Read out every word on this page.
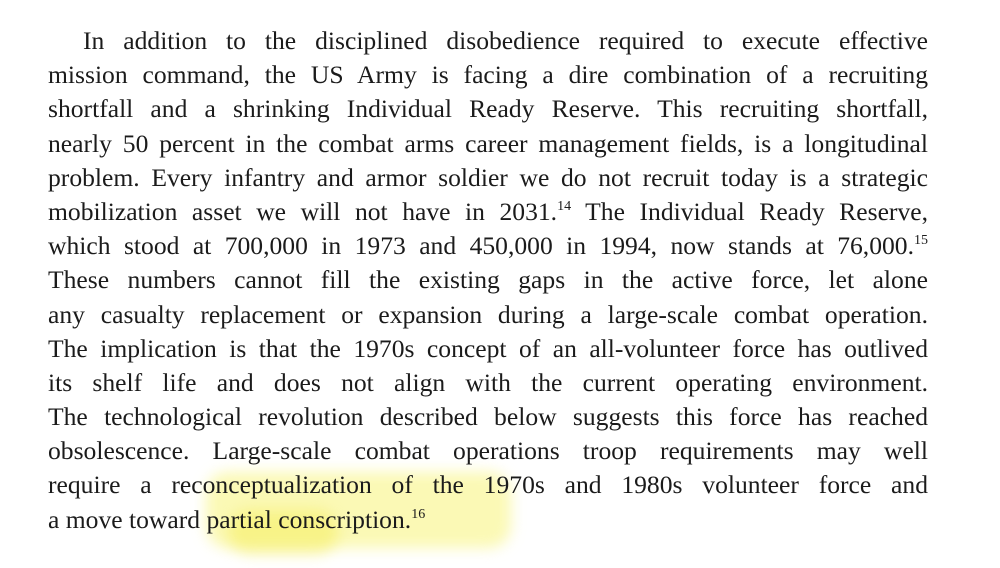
In addition to the disciplined disobedience required to execute effective
mission command, the US Army is facing a dire combination of a recruiting
shortfall and a shrinking Individual Ready Reserve. This recruiting shortfall,
nearly 50 percent in the combat arms career management fields, is a longitudinal
problem. Every infantry and armor soldier we do not recruit today is a strategic
mobilization asset we will not have in 2031.14 The Individual Ready Reserve,
which stood at 700,000 in 1973 and 450,000 in 1994, now stands at 76,000.15
These numbers cannot fill the existing gaps in the active force, let alone
any casualty replacement or expansion during a large-scale combat operation.
The implication is that the 1970s concept of an all-volunteer force has outlived
its shelf life and does not align with the current operating environment.
The technological revolution described below suggests this force has reached
obsolescence. Large-scale combat operations troop requirements may well
require a reconceptualization of the 1970s and 1980s volunteer force and
a move toward partial conscription.$^{16}$
